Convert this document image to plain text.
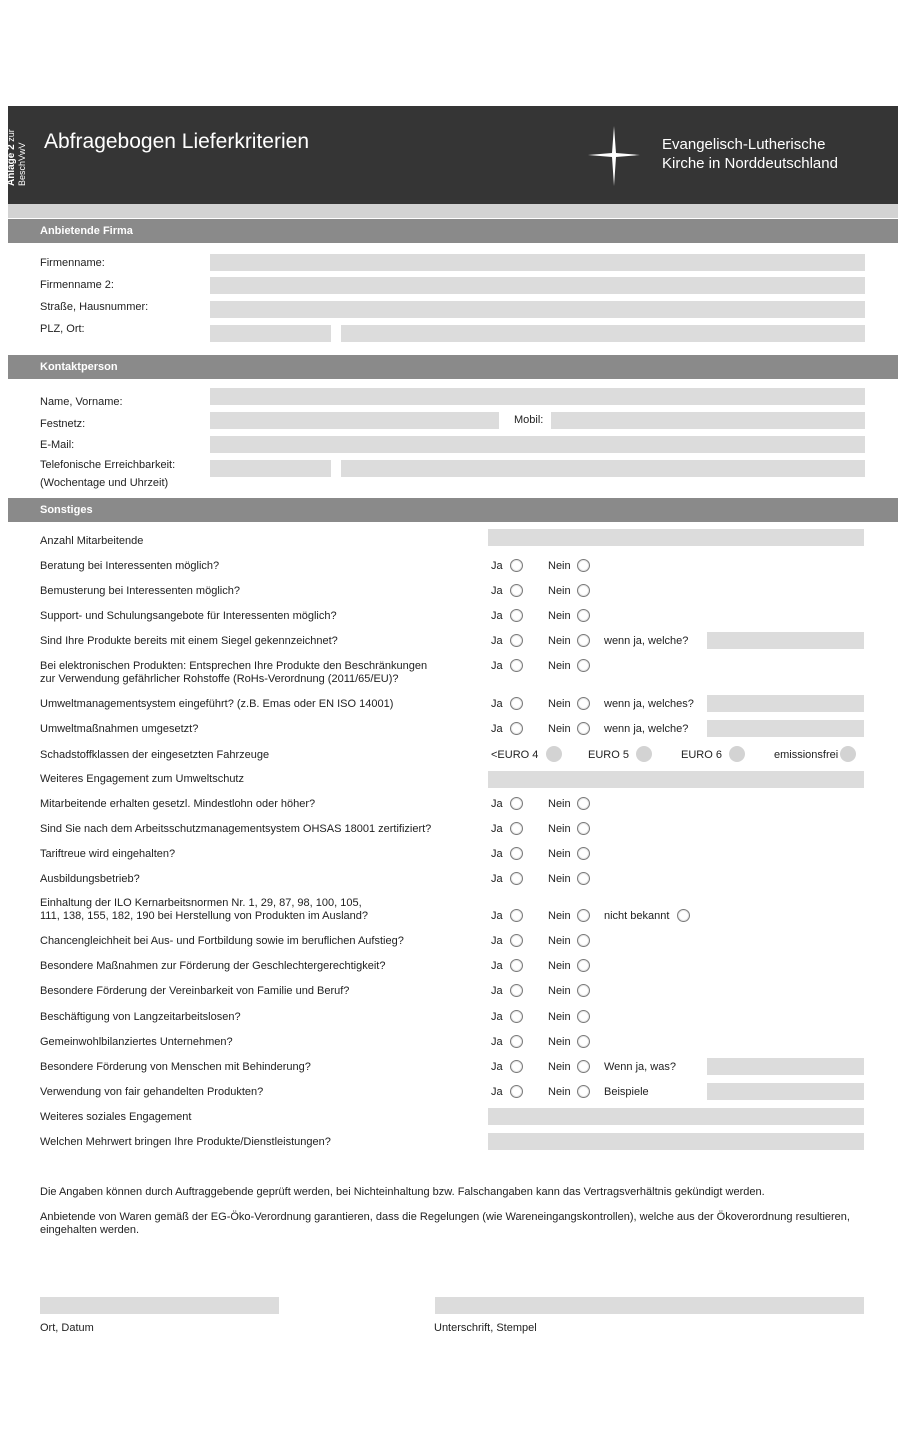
Anlage 2 zur BeschVwV
Abfragebogen Lieferkriterien	Evangelisch-Lutherische
Kirche in Norddeutschland
Anbietende Firma
Firmenname:
Firmenname 2:
Straße, Hausnummer:
PLZ, Ort:
Kontaktperson
Name, Vorname:
Festnetz:	Mobil:
E-Mail:
Telefonische Erreichbarkeit:
(Wochentage und Uhrzeit)
Sonstiges
Anzahl Mitarbeitende
Beratung bei Interessenten möglich?	Ja	Nein
Bemusterung bei Interessenten möglich?	Ja	Nein
Support- und Schulungsangebote für Interessenten möglich?	Ja	Nein
Sind Ihre Produkte bereits mit einem Siegel gekennzeichnet?	Ja	Nein	wenn ja, welche?
Bei elektronischen Produkten: Entsprechen Ihre Produkte den Beschränkungen
zur Verwendung gefährlicher Rohstoffe (RoHs-Verordnung (2011/65/EU)?
Ja	Nein
Umweltmanagementsystem eingeführt? (z.B. Emas oder EN ISO 14001)	Ja	Nein	wenn ja, welches?
Umweltmaßnahmen umgesetzt?	Ja	Nein	wenn ja, welche?
Schadstoffklassen der eingesetzten Fahrzeuge	<EURO 4	EURO 5	EURO 6	emissionsfrei
Weiteres Engagement zum Umweltschutz
Mitarbeitende erhalten gesetzl. Mindestlohn oder höher?	Ja	Nein
Sind Sie nach dem Arbeitsschutzmanagementsystem OHSAS 18001 zertifiziert?	Ja	Nein
Tariftreue wird eingehalten?	Ja	Nein
Ausbildungsbetrieb?	Ja	Nein
Einhaltung der ILO Kernarbeitsnormen Nr. 1, 29, 87, 98, 100, 105,
111, 138, 155, 182, 190 bei Herstellung von Produkten im Ausland?	Ja	Nein	nicht bekannt
Chancengleichheit bei Aus- und Fortbildung sowie im beruflichen Aufstieg?	Ja	Nein
Besondere Maßnahmen zur Förderung der Geschlechtergerechtigkeit?	Ja	Nein
Besondere Förderung der Vereinbarkeit von Familie und Beruf?	Ja	Nein
Beschäftigung von Langzeitarbeitslosen?	Ja	Nein
Gemeinwohlbilanziertes Unternehmen?	Ja	Nein
Besondere Förderung von Menschen mit Behinderung?	Ja	Nein	Wenn ja, was?
Verwendung von fair gehandelten Produkten?	Ja	Nein	Beispiele
Weiteres soziales Engagement
Welchen Mehrwert bringen Ihre Produkte/Dienstleistungen?
Die Angaben können durch Auftraggebende geprüft werden, bei Nichteinhaltung bzw. Falschangaben kann das Vertragsverhältnis gekündigt werden.
Anbietende von Waren gemäß der EG-Öko-Verordnung garantieren, dass die Regelungen (wie Wareneingangskontrollen), welche aus der Ökoverordnung resultieren,
eingehalten werden.
Ort, Datum	Unterschrift, Stempel
